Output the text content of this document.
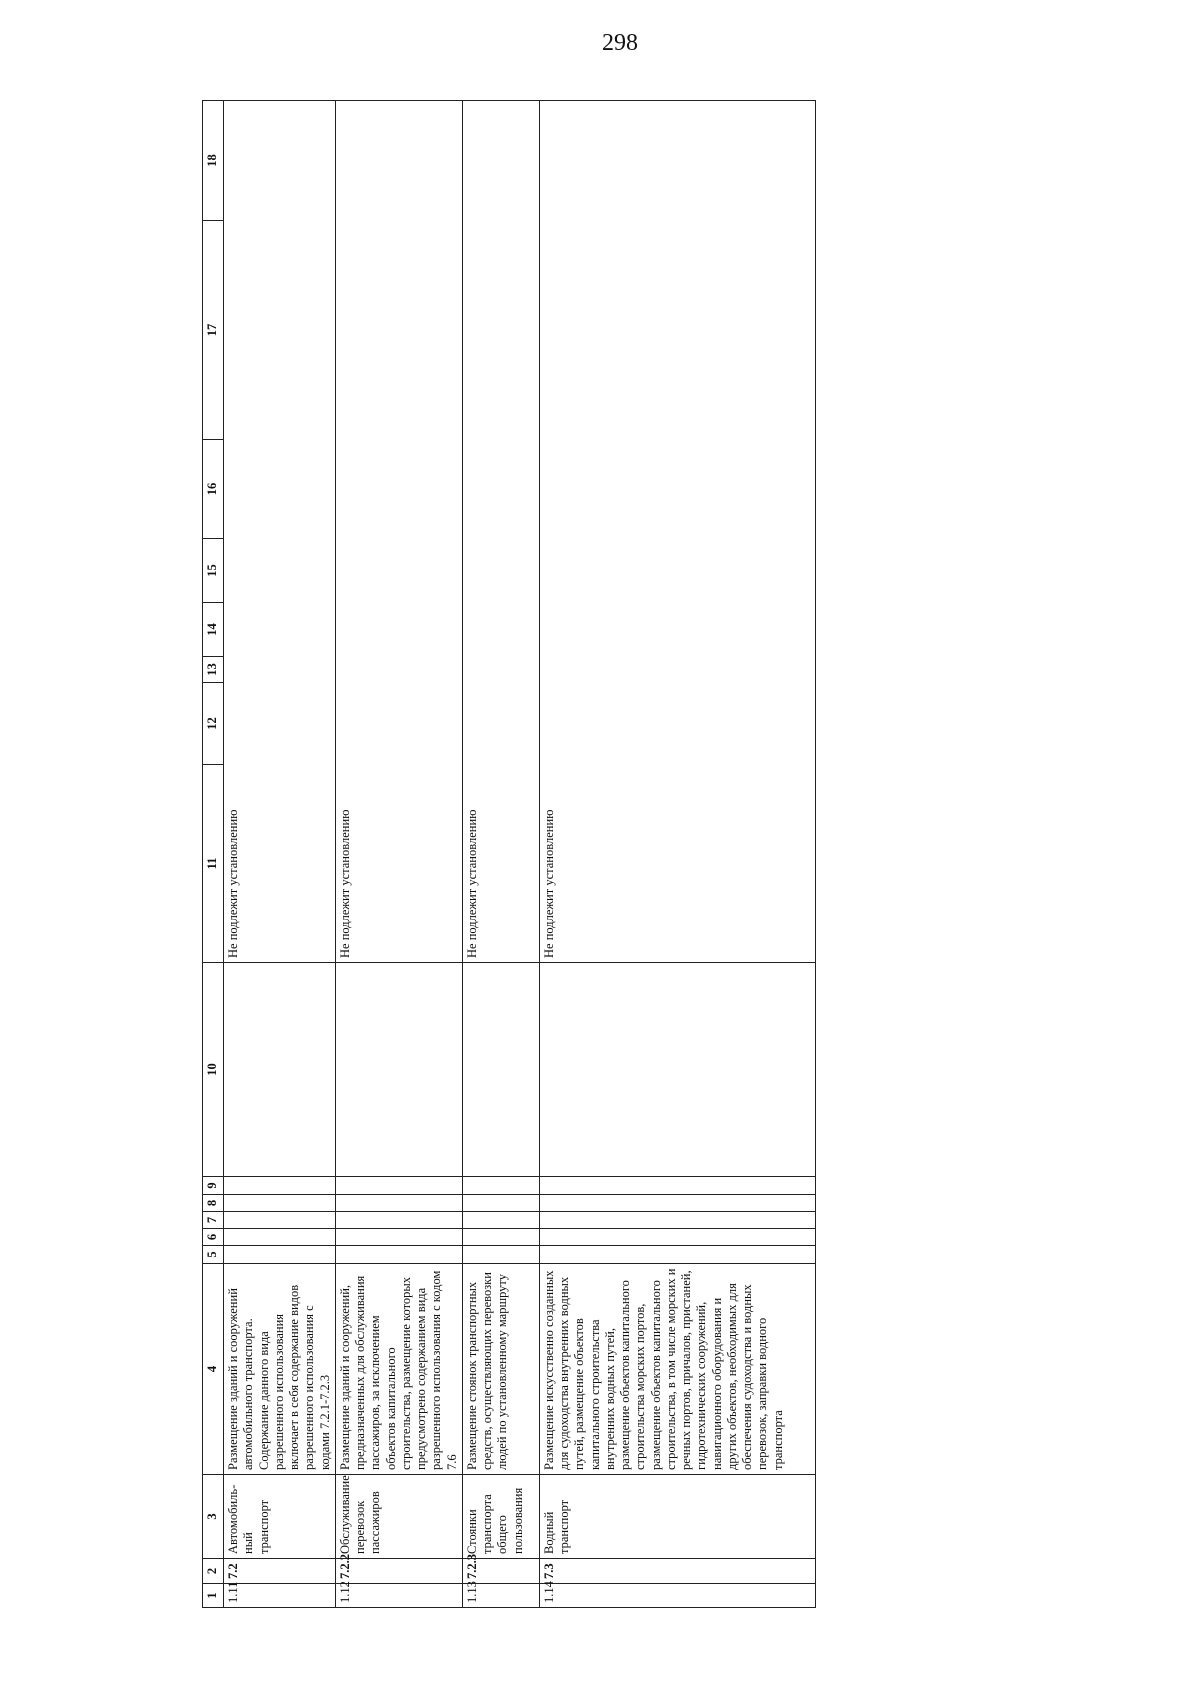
298
1	2	3	4	5	6	7	8	9	10	11	12	13	14	15	16	17	18
1.11	7.2	Автомобиль- ный транспорт	Размещение зданий и сооружений автомобильного транспорта. Содержание данного вида разрешенного использования включает в себя содержание видов разрешенного использования с кодами 7.2.1-7.2.3							Не подлежит установлению							
1.12	7.2.2	Обслуживание перевозок пассажиров	Размещение зданий и сооружений, предназначенных для обслуживания пассажиров, за исключением объектов капитального строительства, размещение которых предусмотрено содержанием вида разрешенного использования с кодом 7.6							Не подлежит установлению							
1.13	7.2.3	Стоянки транспорта общего пользования	Размещение стоянок транспортных средств, осуществляющих перевозки людей по установленному маршруту							Не подлежит установлению							
1.14	7.3	Водный транспорт	Размещение искусственно созданных для судоходства внутренних водных путей, размещение объектов капитального строительства внутренних водных путей, размещение объектов капитального строительства морских портов, размещение объектов капитального строительства, в том числе морских и речных портов, причалов, пристаней, гидротехнических сооружений, навигационного оборудования и других объектов, необходимых для обеспечения судоходства и водных перевозок, заправки водного транспорта							Не подлежит установлению							
